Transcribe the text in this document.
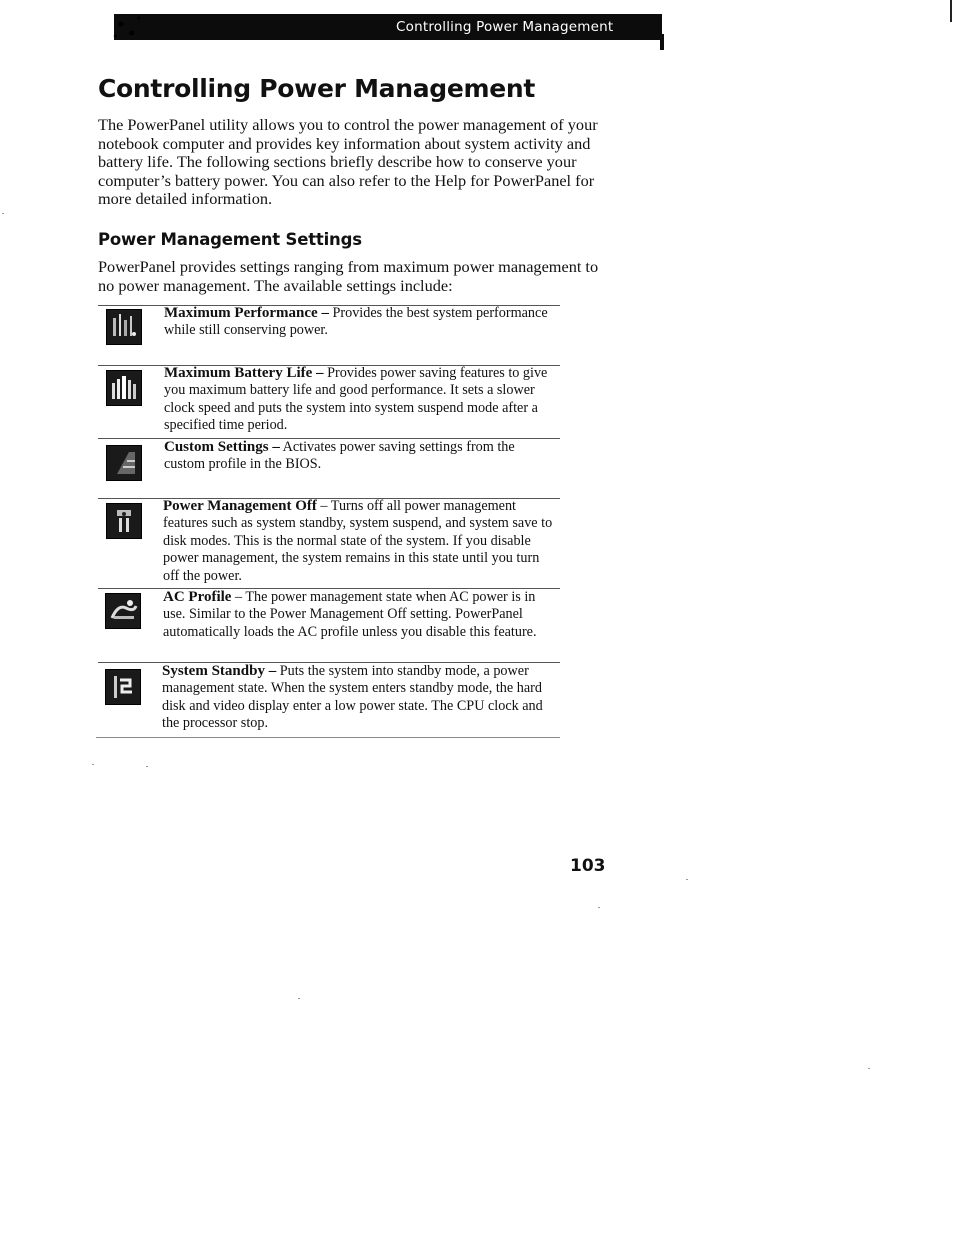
Controlling Power Management
Controlling Power Management

The PowerPanel utility allows you to control the power management of your notebook computer and provides key information about system activity and battery life. The following sections briefly describe how to conserve your computer’s battery power. You can also refer to the Help for PowerPanel for more detailed information.

Power Management Settings

PowerPanel provides settings ranging from maximum power management to no power management. The available settings include:

Maximum Performance – Provides the best system performance while still conserving power.

Maximum Battery Life – Provides power saving features to give you maximum battery life and good performance. It sets a slower clock speed and puts the system into system suspend mode after a specified time period.

Custom Settings – Activates power saving settings from the custom profile in the BIOS.

Power Management Off – Turns off all power management features such as system standby, system suspend, and system save to disk modes. This is the normal state of the system. If you disable power management, the system remains in this state until you turn off the power.

AC Profile – The power management state when AC power is in use. Similar to the Power Management Off setting. PowerPanel automatically loads the AC profile unless you disable this feature.

System Standby – Puts the system into standby mode, a power management state. When the system enters standby mode, the hard disk and video display enter a low power state. The CPU clock and the processor stop.

103
